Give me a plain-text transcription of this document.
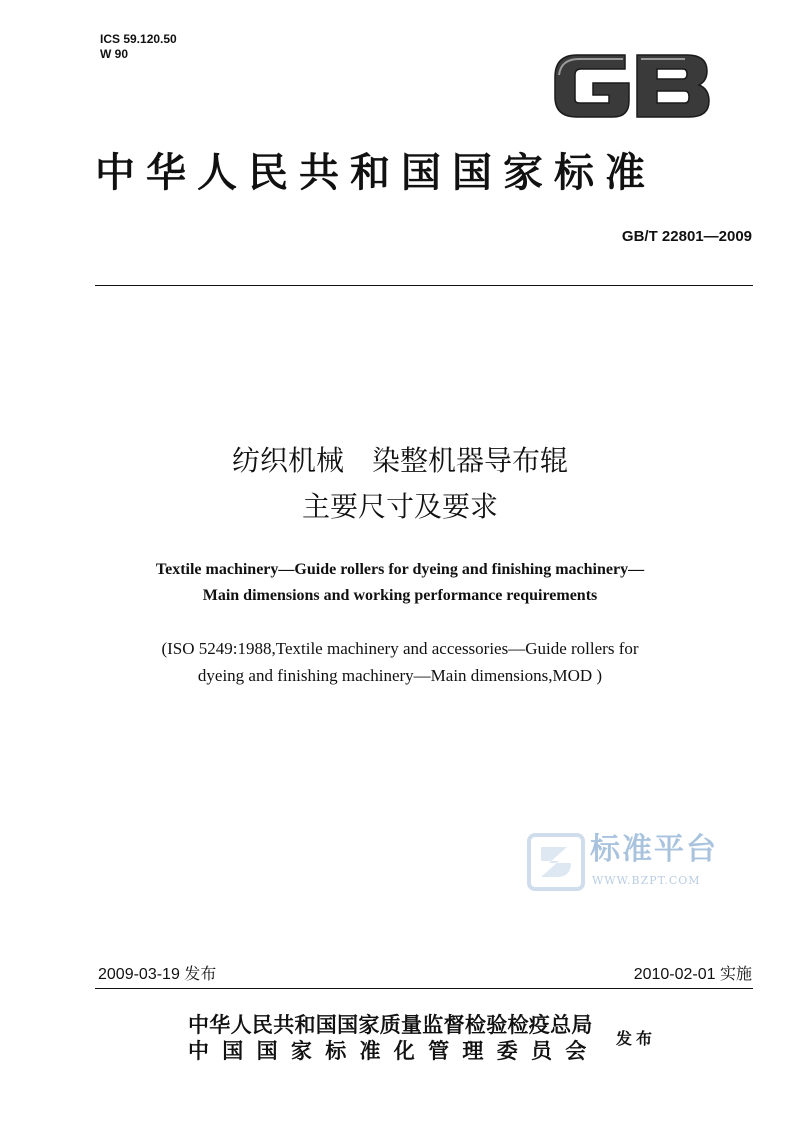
ICS 59.120.50
W 90
中华人民共和国国家标准
GB/T 22801—2009
纺织机械　染整机器导布辊
主要尺寸及要求
Textile machinery—Guide rollers for dyeing and finishing machinery—
Main dimensions and working performance requirements
(ISO 5249:1988,Textile machinery and accessories—Guide rollers for
dyeing and finishing machinery—Main dimensions,MOD )
标准平台
WWW.BZPT.COM
2009-03-19 发布	2010-02-01 实施
中华人民共和国国家质量监督检验检疫总局
中国国家标准化管理委员会
发布
